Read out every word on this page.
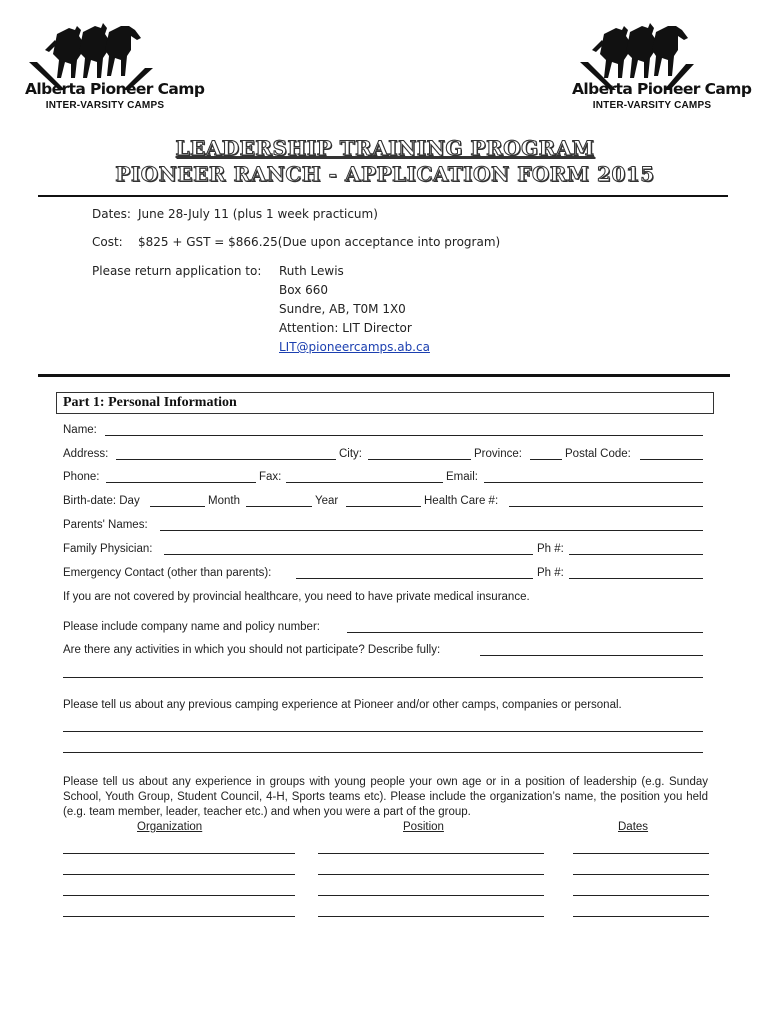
Alberta Pioneer Camp
INTER-VARSITY CAMPS
Alberta Pioneer Camp
INTER-VARSITY CAMPS
LEADERSHIP TRAINING PROGRAM
PIONEER RANCH - APPLICATION FORM 2015
Dates: June 28-July 11 (plus 1 week practicum)
Cost: $825 + GST = $866.25(Due upon acceptance into program)
Please return application to: Ruth Lewis
Box 660
Sundre, AB, T0M 1X0
Attention: LIT Director
LIT@pioneercamps.ab.ca
Part 1: Personal Information
Name:
Address:	City:	Province:	Postal Code:
Phone:	Fax:	Email:
Birth-date: Day	Month	Year	Health Care #:
Parents' Names:
Family Physician:	Ph #:
Emergency Contact (other than parents):	Ph #:
If you are not covered by provincial healthcare, you need to have private medical insurance.
Please include company name and policy number:
Are there any activities in which you should not participate? Describe fully:
Please tell us about any previous camping experience at Pioneer and/or other camps, companies or personal.
Please tell us about any experience in groups with young people your own age or in a position of leadership (e.g. Sunday School, Youth Group, Student Council, 4-H, Sports teams etc). Please include the organization’s name, the position you held (e.g. team member, leader, teacher etc.) and when you were a part of the group.
Organization	Position	Dates
